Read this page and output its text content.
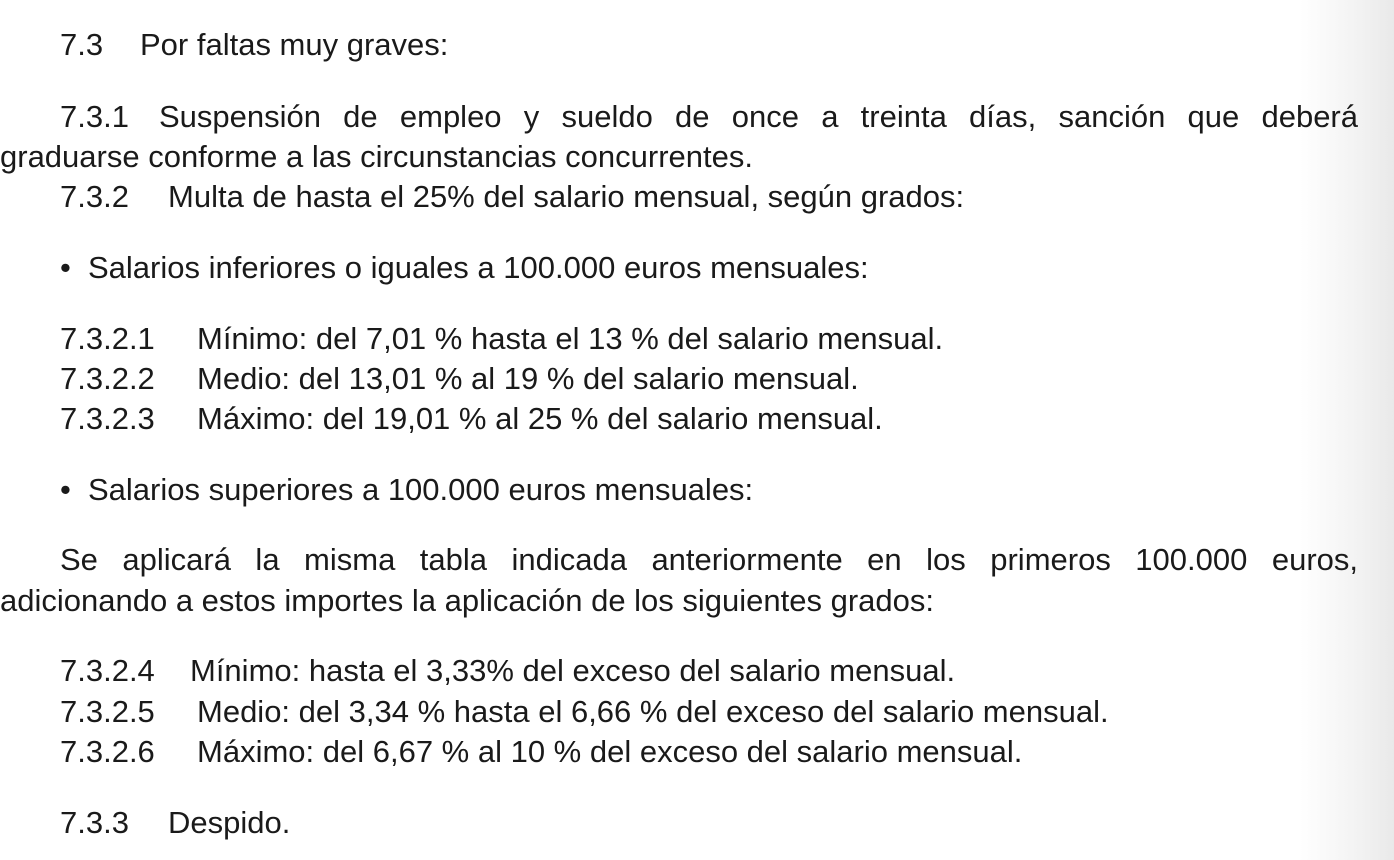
7.3 Por faltas muy graves:
7.3.1 Suspensión de empleo y sueldo de once a treinta días, sanción que deberá
graduarse conforme a las circunstancias concurrentes.
7.3.2 Multa de hasta el 25% del salario mensual, según grados:
• Salarios inferiores o iguales a 100.000 euros mensuales:
7.3.2.1 Mínimo: del 7,01 % hasta el 13 % del salario mensual.
7.3.2.2 Medio: del 13,01 % al 19 % del salario mensual.
7.3.2.3 Máximo: del 19,01 % al 25 % del salario mensual.
• Salarios superiores a 100.000 euros mensuales:
Se aplicará la misma tabla indicada anteriormente en los primeros 100.000 euros,
adicionando a estos importes la aplicación de los siguientes grados:
7.3.2.4 Mínimo: hasta el 3,33% del exceso del salario mensual.
7.3.2.5 Medio: del 3,34 % hasta el 6,66 % del exceso del salario mensual.
7.3.2.6 Máximo: del 6,67 % al 10 % del exceso del salario mensual.
7.3.3 Despido.
